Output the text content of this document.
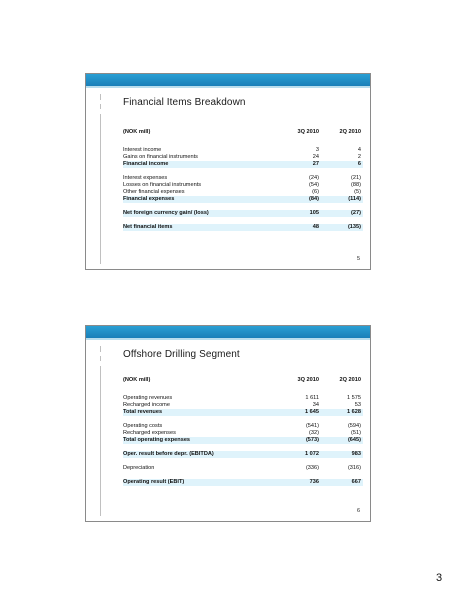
Financial Items Breakdown
(NOK mill)	3Q 2010	2Q 2010
Interest income	3	4
Gains on financial instruments	24	2
Financial income	27	6
Interest expenses	(24)	(21)
Losses on financial instruments	(54)	(88)
Other financial expenses	(6)	(5)
Financial expenses	(84)	(114)
Net foreign currency gain/ (loss)	105	(27)
Net financial items	48	(135)
5
Offshore Drilling Segment
(NOK mill)	3Q 2010	2Q 2010
Operating revenues	1 611	1 575
Recharged income	34	53
Total revenues	1 645	1 628
Operating costs	(541)	(594)
Recharged expenses	(32)	(51)
Total operating expenses	(573)	(645)
Oper. result before depr. (EBITDA)	1 072	983
Depreciation	(336)	(316)
Operating result (EBIT)	736	667
6
3
